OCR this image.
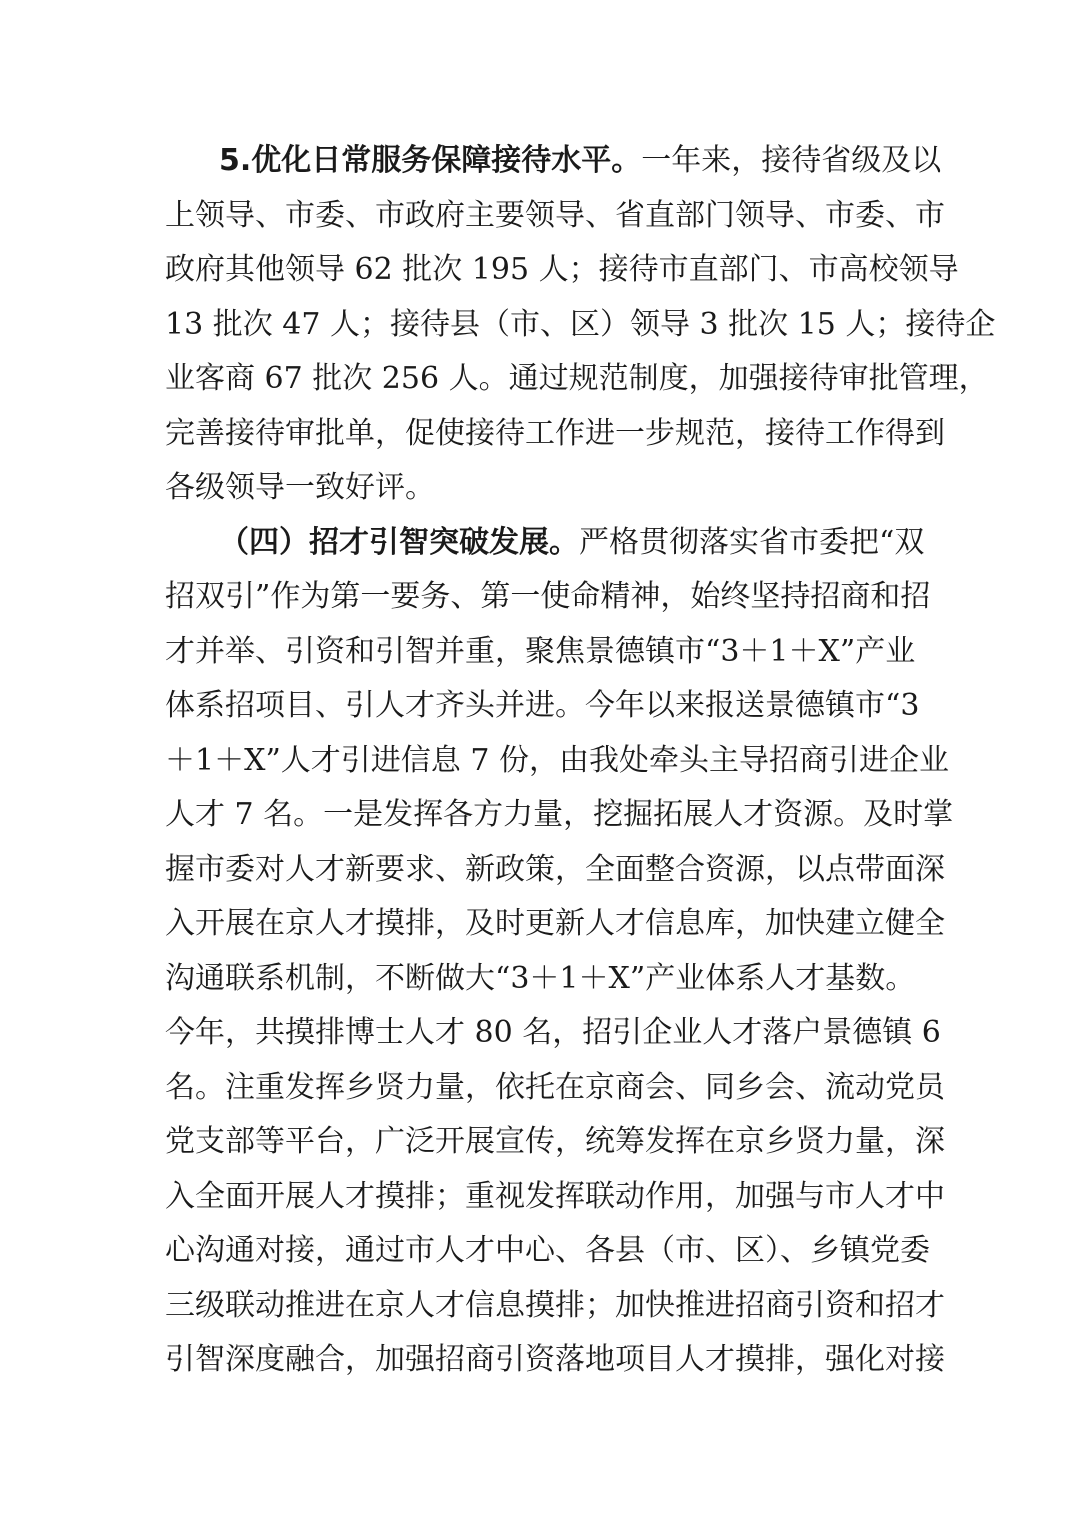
5.优化日常服务保障接待水平。一年来，接待省级及以
上领导、市委、市政府主要领导、省直部门领导、市委、市
政府其他领导 62 批次 195 人；接待市直部门、市高校领导
13 批次 47 人；接待县（市、区）领导 3 批次 15 人；接待企
业客商 67 批次 256 人。通过规范制度，加强接待审批管理，
完善接待审批单，促使接待工作进一步规范，接待工作得到
各级领导一致好评。
（四）招才引智突破发展。严格贯彻落实省市委把“双
招双引”作为第一要务、第一使命精神，始终坚持招商和招
才并举、引资和引智并重，聚焦景德镇市“3＋1＋X”产业
体系招项目、引人才齐头并进。今年以来报送景德镇市“3
＋1＋X”人才引进信息 7 份，由我处牵头主导招商引进企业
人才 7 名。一是发挥各方力量，挖掘拓展人才资源。及时掌
握市委对人才新要求、新政策，全面整合资源，以点带面深
入开展在京人才摸排，及时更新人才信息库，加快建立健全
沟通联系机制，不断做大“3＋1＋X”产业体系人才基数。
今年，共摸排博士人才 80 名，招引企业人才落户景德镇 6
名。注重发挥乡贤力量，依托在京商会、同乡会、流动党员
党支部等平台，广泛开展宣传，统筹发挥在京乡贤力量，深
入全面开展人才摸排；重视发挥联动作用，加强与市人才中
心沟通对接，通过市人才中心、各县（市、区）、乡镇党委
三级联动推进在京人才信息摸排；加快推进招商引资和招才
引智深度融合，加强招商引资落地项目人才摸排，强化对接
